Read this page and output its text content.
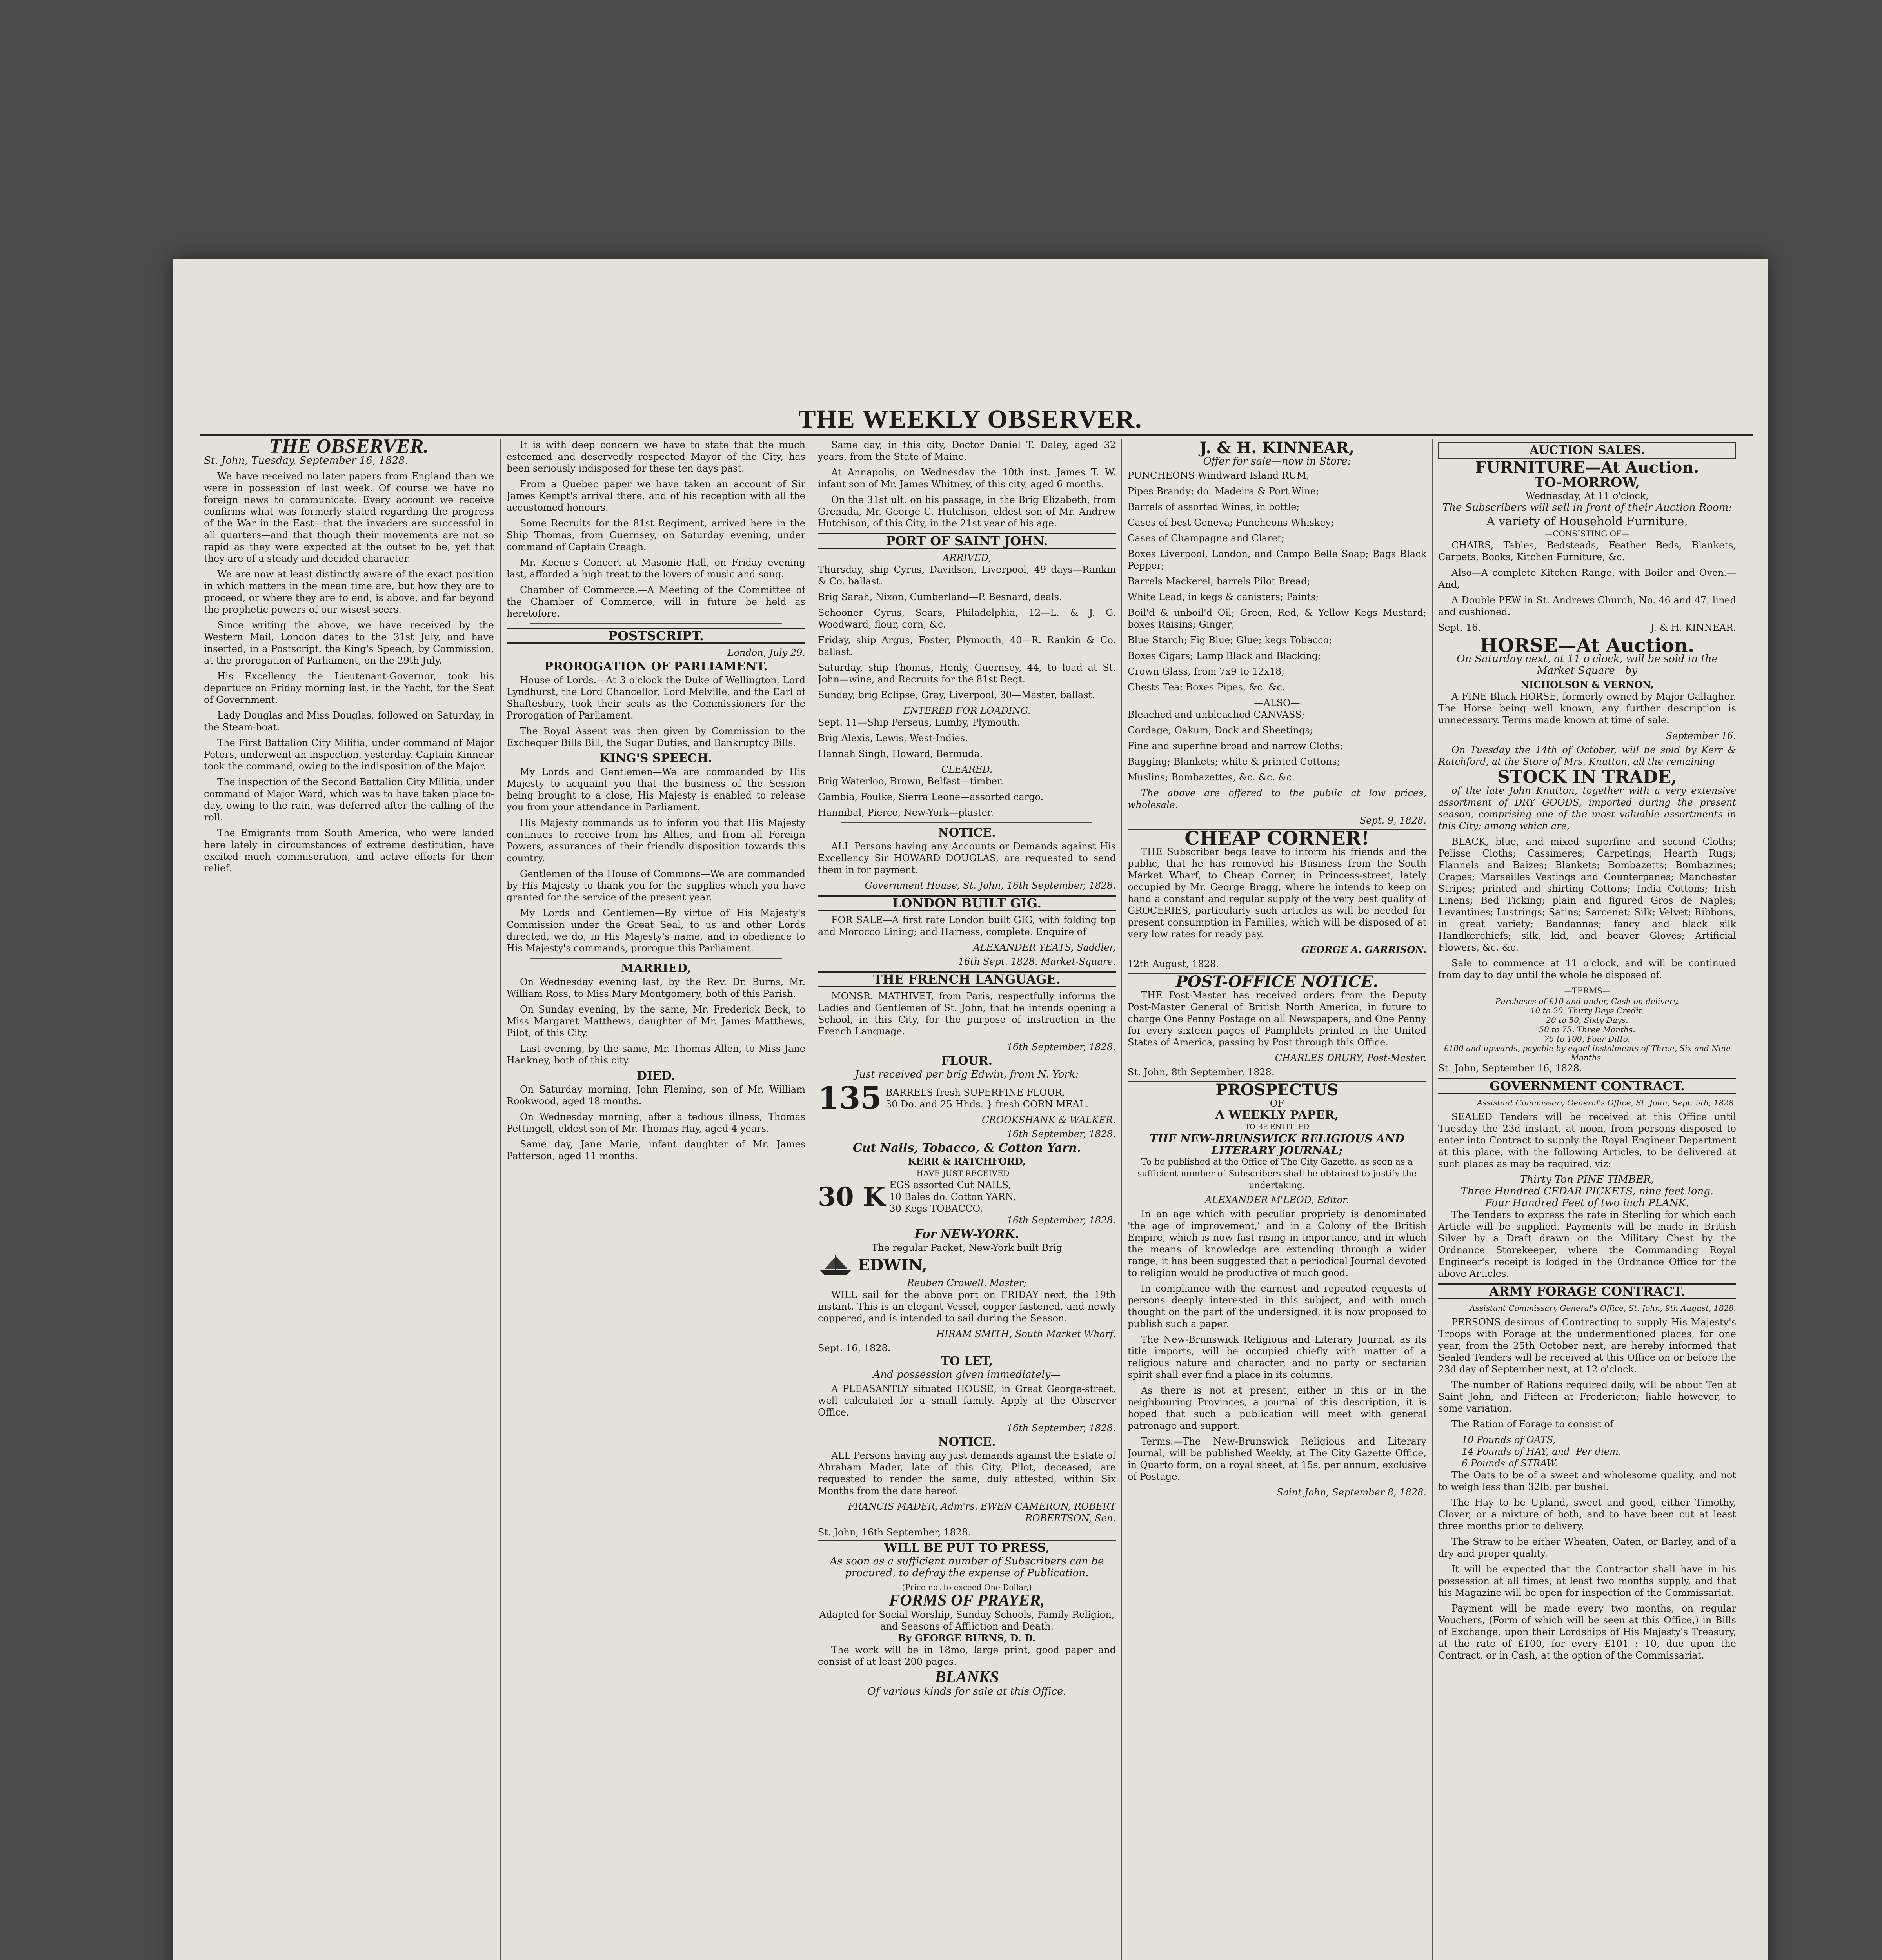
THE WEEKLY OBSERVER.
THE OBSERVER.
St. John, Tuesday, September 16, 1828.

We have received no later papers from England than we were in possession of last week. Of course we have no foreign news to communicate. Every account we receive confirms what was formerly stated regarding the progress of the War in the East—that the invaders are successful in all quarters—and that though their movements are not so rapid as they were expected at the outset to be, yet that they are of a steady and decided character.

We are now at least distinctly aware of the exact position in which matters in the mean time are, but how they are to proceed, or where they are to end, is above, and far beyond the prophetic powers of our wisest seers.

Since writing the above, we have received by the Western Mail, London dates to the 31st July, and have inserted, in a Postscript, the King's Speech, by Commission, at the prorogation of Parliament, on the 29th July.

His Excellency the Lieutenant-Governor, took his departure on Friday morning last, in the Yacht, for the Seat of Government.

Lady Douglas and Miss Douglas, followed on Saturday, in the Steam-boat.

The First Battalion City Militia, under command of Major Peters, underwent an inspection, yesterday. Captain Kinnear took the command, owing to the indisposition of the Major.

The inspection of the Second Battalion City Militia, under command of Major Ward, which was to have taken place to-day, owing to the rain, was deferred after the calling of the roll.

The Emigrants from South America, who were landed here lately in circumstances of extreme destitution, have excited much commiseration, and active efforts for their relief.

It is with deep concern we have to state that the much esteemed and deservedly respected Mayor of the City, has been seriously indisposed for these ten days past.

From a Quebec paper we have taken an account of Sir James Kempt's arrival there, and of his reception with all the accustomed honours.

Some Recruits for the 81st Regiment, arrived here in the Ship Thomas, from Guernsey, on Saturday evening, under command of Captain Creagh.

Mr. Keene's Concert at Masonic Hall, on Friday evening last, afforded a high treat to the lovers of music and song.

Chamber of Commerce.—A Meeting of the Committee of the Chamber of Commerce, will in future be held as heretofore.

POSTSCRIPT.
London, July 29.
PROROGATION OF PARLIAMENT.

House of Lords.—At 3 o'clock the Duke of Wellington, Lord Lyndhurst, the Lord Chancellor, Lord Melville, and the Earl of Shaftesbury, took their seats as the Commissioners for the Prorogation of Parliament.

The Royal Assent was then given by Commission to the Exchequer Bills Bill, the Sugar Duties, and Bankruptcy Bills.

KING'S SPEECH.

My Lords and Gentlemen—We are commanded by His Majesty to acquaint you that the business of the Session being brought to a close, His Majesty is enabled to release you from your attendance in Parliament.

His Majesty commands us to inform you that His Majesty continues to receive from his Allies, and from all Foreign Powers, assurances of their friendly disposition towards this country.

Gentlemen of the House of Commons—We are commanded by His Majesty to thank you for the supplies which you have granted for the service of the present year.

My Lords and Gentlemen—By virtue of His Majesty's Commission under the Great Seal, to us and other Lords directed, we do, in His Majesty's name, and in obedience to His Majesty's commands, prorogue this Parliament.

MARRIED,

On Wednesday evening last, by the Rev. Dr. Burns, Mr. William Ross, to Miss Mary Montgomery, both of this Parish.

On Sunday evening, by the same, Mr. Frederick Beck, to Miss Margaret Matthews, daughter of Mr. James Matthews, Pilot, of this City.

Last evening, by the same, Mr. Thomas Allen, to Miss Jane Hankney, both of this city.

DIED.

On Saturday morning, John Fleming, son of Mr. William Rookwood, aged 18 months.

On Wednesday morning, after a tedious illness, Thomas Pettingell, eldest son of Mr. Thomas Hay, aged 4 years.

Same day, Jane Marie, infant daughter of Mr. James Patterson, aged 11 months.

Same day, in this city, Doctor Daniel T. Daley, aged 32 years, from the State of Maine.

At Annapolis, on Wednesday the 10th inst. James T. W. infant son of Mr. James Whitney, of this city, aged 6 months.

On the 31st ult. on his passage, in the Brig Elizabeth, from Grenada, Mr. George C. Hutchison, eldest son of Mr. Andrew Hutchison, of this City, in the 21st year of his age.

PORT OF SAINT JOHN.
ARRIVED,

Thursday, ship Cyrus, Davidson, Liverpool, 49 days—Rankin & Co. ballast.

Brig Sarah, Nixon, Cumberland—P. Besnard, deals.

Schooner Cyrus, Sears, Philadelphia, 12—L. & J. G. Woodward, flour, corn, &c.

Friday, ship Argus, Foster, Plymouth, 40—R. Rankin & Co. ballast.

Saturday, ship Thomas, Henly, Guernsey, 44, to load at St. John—wine, and Recruits for the 81st Regt.

Sunday, brig Eclipse, Gray, Liverpool, 30—Master, ballast.

ENTERED FOR LOADING.

Sept. 11—Ship Perseus, Lumby, Plymouth.

Brig Alexis, Lewis, West-Indies.

Hannah Singh, Howard, Bermuda.

CLEARED.

Brig Waterloo, Brown, Belfast—timber.

Gambia, Foulke, Sierra Leone—assorted cargo.

Hannibal, Pierce, New-York—plaster.

NOTICE.

ALL Persons having any Accounts or Demands against His Excellency Sir HOWARD DOUGLAS, are requested to send them in for payment.

Government House, St. John, 16th September, 1828.
LONDON BUILT GIG.

FOR SALE—A first rate London built GIG, with folding top and Morocco Lining; and Harness, complete. Enquire of

ALEXANDER YEATS, Saddler,
16th Sept. 1828. Market-Square.
THE FRENCH LANGUAGE.

MONSR. MATHIVET, from Paris, respectfully informs the Ladies and Gentlemen of St. John, that he intends opening a School, in this City, for the purpose of instruction in the French Language.

16th September, 1828.
FLOUR.
Just received per brig Edwin, from N. York:
135 BARRELS fresh SUPERFINE FLOUR,
30 Do. and 25 Hhds. } fresh CORN MEAL.
CROOKSHANK & WALKER.
16th September, 1828.
Cut Nails, Tobacco, & Cotton Yarn.
KERR & RATCHFORD,
HAVE JUST RECEIVED—
30 K EGS assorted Cut NAILS,
10 Bales do. Cotton YARN,
30 Kegs TOBACCO.
16th September, 1828.
For NEW-YORK.
The regular Packet, New-York built Brig
EDWIN,
Reuben Crowell, Master;

WILL sail for the above port on FRIDAY next, the 19th instant. This is an elegant Vessel, copper fastened, and newly coppered, and is intended to sail during the Season.

HIRAM SMITH, South Market Wharf.
Sept. 16, 1828.
TO LET,
And possession given immediately—

A PLEASANTLY situated HOUSE, in Great George-street, well calculated for a small family. Apply at the Observer Office.

16th September, 1828.
NOTICE.

ALL Persons having any just demands against the Estate of Abraham Mader, late of this City, Pilot, deceased, are requested to render the same, duly attested, within Six Months from the date hereof.

FRANCIS MADER, Adm'rs. EWEN CAMERON, ROBERT ROBERTSON, Sen.
St. John, 16th September, 1828.
WILL BE PUT TO PRESS,
As soon as a sufficient number of Subscribers can be procured, to defray the expense of Publication.
(Price not to exceed One Dollar,)
FORMS OF PRAYER,
Adapted for Social Worship, Sunday Schools, Family Religion, and Seasons of Affliction and Death.
By GEORGE BURNS, D. D.

The work will be in 18mo, large print, good paper and consist of at least 200 pages.

BLANKS
Of various kinds for sale at this Office.
J. & H. KINNEAR,
Offer for sale—now in Store:

PUNCHEONS Windward Island RUM;

Pipes Brandy; do. Madeira & Port Wine;

Barrels of assorted Wines, in bottle;

Cases of best Geneva; Puncheons Whiskey;

Cases of Champagne and Claret;

Boxes Liverpool, London, and Campo Belle Soap; Bags Black Pepper;

Barrels Mackerel; barrels Pilot Bread;

White Lead, in kegs & canisters; Paints;

Boil'd & unboil'd Oil; Green, Red, & Yellow Kegs Mustard; boxes Raisins; Ginger;

Blue Starch; Fig Blue; Glue; kegs Tobacco;

Boxes Cigars; Lamp Black and Blacking;

Crown Glass, from 7x9 to 12x18;

Chests Tea; Boxes Pipes, &c. &c.

—ALSO—

Bleached and unbleached CANVASS;

Cordage; Oakum; Dock and Sheetings;

Fine and superfine broad and narrow Cloths;

Bagging; Blankets; white & printed Cottons;

Muslins; Bombazettes, &c. &c. &c.

The above are offered to the public at low prices, wholesale.

Sept. 9, 1828.
CHEAP CORNER!

THE Subscriber begs leave to inform his friends and the public, that he has removed his Business from the South Market Wharf, to Cheap Corner, in Princess-street, lately occupied by Mr. George Bragg, where he intends to keep on hand a constant and regular supply of the very best quality of GROCERIES, particularly such articles as will be needed for present consumption in Families, which will be disposed of at very low rates for ready pay.

GEORGE A. GARRISON.
12th August, 1828.
POST-OFFICE NOTICE.

THE Post-Master has received orders from the Deputy Post-Master General of British North America, in future to charge One Penny Postage on all Newspapers, and One Penny for every sixteen pages of Pamphlets printed in the United States of America, passing by Post through this Office.

CHARLES DRURY, Post-Master.
St. John, 8th September, 1828.
PROSPECTUS
OF
A WEEKLY PAPER,
TO BE ENTITLED
THE NEW-BRUNSWICK RELIGIOUS AND LITERARY JOURNAL;
To be published at the Office of The City Gazette, as soon as a sufficient number of Subscribers shall be obtained to justify the undertaking.
ALEXANDER M'LEOD, Editor.

In an age which with peculiar propriety is denominated 'the age of improvement,' and in a Colony of the British Empire, which is now fast rising in importance, and in which the means of knowledge are extending through a wider range, it has been suggested that a periodical Journal devoted to religion would be productive of much good.

In compliance with the earnest and repeated requests of persons deeply interested in this subject, and with much thought on the part of the undersigned, it is now proposed to publish such a paper.

The New-Brunswick Religious and Literary Journal, as its title imports, will be occupied chiefly with matter of a religious nature and character, and no party or sectarian spirit shall ever find a place in its columns.

As there is not at present, either in this or in the neighbouring Provinces, a journal of this description, it is hoped that such a publication will meet with general patronage and support.

Terms.—The New-Brunswick Religious and Literary Journal, will be published Weekly, at The City Gazette Office, in Quarto form, on a royal sheet, at 15s. per annum, exclusive of Postage.

Saint John, September 8, 1828.
AUCTION SALES.
FURNITURE—At Auction.
TO-MORROW,
Wednesday, At 11 o'clock,
The Subscribers will sell in front of their Auction Room:
A variety of Household Furniture,
—CONSISTING OF—

CHAIRS, Tables, Bedsteads, Feather Beds, Blankets, Carpets, Books, Kitchen Furniture, &c.

Also—A complete Kitchen Range, with Boiler and Oven.—And,

A Double PEW in St. Andrews Church, No. 46 and 47, lined and cushioned.

Sept. 16.	J. & H. KINNEAR.
HORSE—At Auction.
On Saturday next, at 11 o'clock, will be sold in the Market Square—by
NICHOLSON & VERNON,

A FINE Black HORSE, formerly owned by Major Gallagher. The Horse being well known, any further description is unnecessary. Terms made known at time of sale.

September 16.

On Tuesday the 14th of October, will be sold by Kerr & Ratchford, at the Store of Mrs. Knutton, all the remaining

STOCK IN TRADE,

of the late John Knutton, together with a very extensive assortment of DRY GOODS, imported during the present season, comprising one of the most valuable assortments in this City; among which are,

BLACK, blue, and mixed superfine and second Cloths; Pelisse Cloths; Cassimeres; Carpetings; Hearth Rugs; Flannels and Baizes; Blankets; Bombazetts; Bombazines; Crapes; Marseilles Vestings and Counterpanes; Manchester Stripes; printed and shirting Cottons; India Cottons; Irish Linens; Bed Ticking; plain and figured Gros de Naples; Levantines; Lustrings; Satins; Sarcenet; Silk; Velvet; Ribbons, in great variety; Bandannas; fancy and black silk Handkerchiefs; silk, kid, and beaver Gloves; Artificial Flowers, &c. &c.

Sale to commence at 11 o'clock, and will be continued from day to day until the whole be disposed of.

—TERMS—
Purchases of £10 and under, Cash on delivery.
10 to 20, Thirty Days Credit.
20 to 50, Sixty Days.
50 to 75, Three Months.
75 to 100, Four Ditto.
£100 and upwards, payable by equal instalments of Three, Six and Nine Months.
St. John, September 16, 1828.
GOVERNMENT CONTRACT.
Assistant Commissary General's Office, St. John, Sept. 5th, 1828.

SEALED Tenders will be received at this Office until Tuesday the 23d instant, at noon, from persons disposed to enter into Contract to supply the Royal Engineer Department at this place, with the following Articles, to be delivered at such places as may be required, viz:

Thirty Ton PINE TIMBER,
Three Hundred CEDAR PICKETS, nine feet long.
Four Hundred Feet of two inch PLANK.

The Tenders to express the rate in Sterling for which each Article will be supplied. Payments will be made in British Silver by a Draft drawn on the Military Chest by the Ordnance Storekeeper, where the Commanding Royal Engineer's receipt is lodged in the Ordnance Office for the above Articles.

ARMY FORAGE CONTRACT.
Assistant Commissary General's Office, St. John, 9th August, 1828.

PERSONS desirous of Contracting to supply His Majesty's Troops with Forage at the undermentioned places, for one year, from the 25th October next, are hereby informed that Sealed Tenders will be received at this Office on or before the 23d day of September next, at 12 o'clock.

The number of Rations required daily, will be about Ten at Saint John, and Fifteen at Fredericton; liable however, to some variation.

The Ration of Forage to consist of

10 Pounds of OATS,
14 Pounds of HAY, and
6 Pounds of STRAW.
Per diem.

The Oats to be of a sweet and wholesome quality, and not to weigh less than 32lb. per bushel.

The Hay to be Upland, sweet and good, either Timothy, Clover, or a mixture of both, and to have been cut at least three months prior to delivery.

The Straw to be either Wheaten, Oaten, or Barley, and of a dry and proper quality.

It will be expected that the Contractor shall have in his possession at all times, at least two months supply, and that his Magazine will be open for inspection of the Commissariat.

Payment will be made every two months, on regular Vouchers, (Form of which will be seen at this Office,) in Bills of Exchange, upon their Lordships of His Majesty's Treasury, at the rate of £100, for every £101 : 10, due upon the Contract, or in Cash, at the option of the Commissariat.
